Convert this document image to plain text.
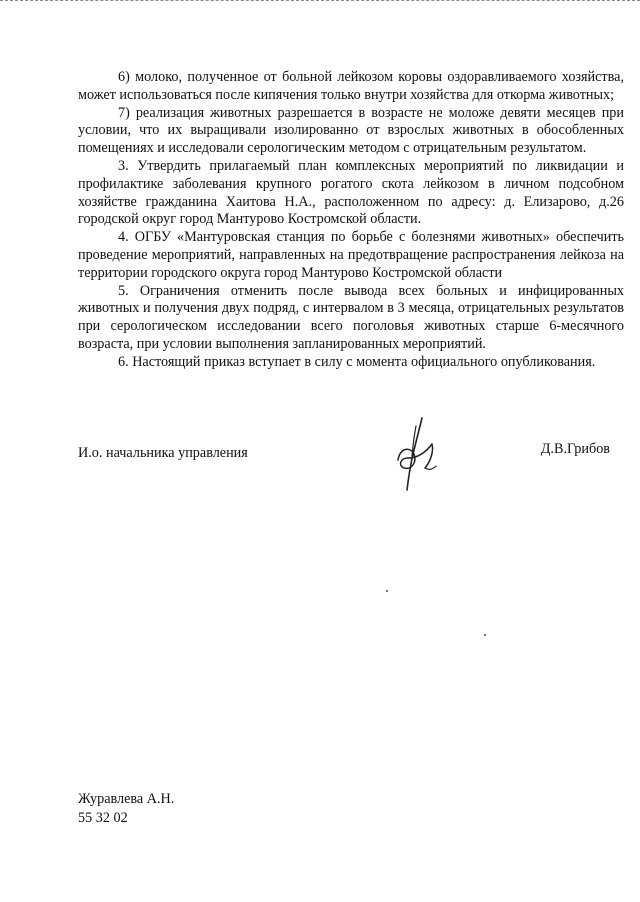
6) молоко, полученное от больной лейкозом коровы оздоравливаемого хозяйства, может использоваться после кипячения только внутри хозяйства для откорма животных;

7) реализация животных разрешается в возрасте не моложе девяти месяцев при условии, что их выращивали изолированно от взрослых животных в обособленных помещениях и исследовали серологическим методом с отрицательным результатом.

3. Утвердить прилагаемый план комплексных мероприятий по ликвидации и профилактике заболевания крупного рогатого скота лейкозом в личном подсобном хозяйстве гражданина Хаитова Н.А., расположенном по адресу: д. Елизарово, д.26 городской округ город Мантурово Костромской области.

4. ОГБУ «Мантуровская станция по борьбе с болезнями животных» обеспечить проведение мероприятий, направленных на предотвращение распространения лейкоза на территории городского округа город Мантурово Костромской области

5. Ограничения отменить после вывода всех больных и инфицированных животных и получения двух подряд, с интервалом в 3 месяца, отрицательных результатов при серологическом исследовании всего поголовья животных старше 6-месячного возраста, при условии выполнения запланированных мероприятий.

6. Настоящий приказ вступает в силу с момента официального опубликования.

И.о. начальника управления	Д.В.Грибов
Журавлева А.Н.
55 32 02
